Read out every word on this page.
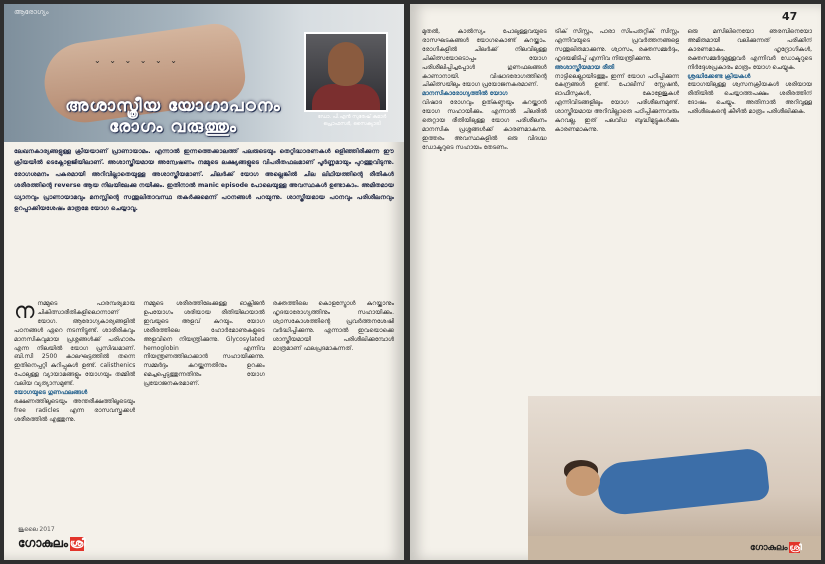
ആരോഗ്യം
⌄ ⌄ ⌄ ⌄ ⌄ ⌄
ഡോ. പി.എൻ സുരേഷ് കുമാർ
പ്രൊഫസർ, സൈക്യാട്രി
അശാസ്ത്രീയ യോഗാപഠനം
രോഗം വരുത്തും
ലേഖനകാര്യങ്ങളുള്ള ക്രിയയാണ് പ്രാണായാമം. എന്നാൽ ഇന്നത്തെക്കാലത്ത് പലരുടെയും തെറ്റിദ്ധാരണകൾ ഒളിഞ്ഞിരിക്കുന്ന ഈ ക്രിയയിൽ ടെക്നോളജിയിലാണ്. അശാസ്ത്രീയമായ അന്വേഷണം നമ്മുടെ ലക്ഷ്യങ്ങളുടെ വിപരീതഫലമാണ് പൂർണ്ണമായും പുറത്തുവിടുന്നു. രോഗശമനം പകരമായി അറിവില്ലാതെയുള്ള അശാസ്ത്രീയമാണ്. ചിലർക്ക് യോഗ അല്ലെങ്കിൽ ചില ലിഥിയത്തിന്റെ രീതികൾ ശരീരത്തിന്റെ reverse ആയ നിലയിലേക്കു നയിക്കും. ഇതിനാൽ manic episode പോലെയുള്ള അവസ്ഥകൾ ഉണ്ടാകാം. അമിതമായ ധ്യാനവും പ്രാണായാമവും മനസ്സിന്റെ സന്തുലിതാവസ്ഥ തകർക്കുമെന്ന് പഠനങ്ങൾ പറയുന്നു. ശാസ്ത്രീയമായ പഠനവും പരിശീലനവും ഉറപ്പാക്കിയശേഷം മാത്രമേ യോഗ ചെയ്യാവൂ.
ന നമ്മുടെ പാരമ്പര്യമായ ചികിത്സാരീതികളിലൊന്നാണ് യോഗ. ആരോഗ്യകാര്യങ്ങളിൽ പഠനങ്ങൾ ഏറെ നടന്നിട്ടുണ്ട്. ശാരീരികവും മാനസികവുമായ പ്രശ്നങ്ങൾക്ക് പരിഹാരം എന്ന നിലയിൽ യോഗ പ്രസിദ്ധമാണ്. ബി.സി 2500 കാലഘട്ടത്തിൽ തന്നെ ഇതിനെപ്പറ്റി കുറിപ്പുകൾ ഉണ്ട്. calisthenics പോലുള്ള വ്യായാമങ്ങളും യോഗയും തമ്മിൽ വലിയ വ്യത്യാസമുണ്ട്.
യോഗയുടെ ഗുണഫലങ്ങൾ
ഭക്ഷണത്തിലൂടെയും അന്തരീക്ഷത്തിലൂടെയും free radicles എന്ന രാസവസ്തുക്കൾ ശരീരത്തിൽ എത്തുന്നു.
നമ്മുടെ ശരീരത്തിലേക്കുള്ള ഓക്സിജൻ ഉപയോഗം ശരിയായ രീതിയിലായാൽ ഇവയുടെ അളവ് കുറയും. യോഗ ശരീരത്തിലെ ഹോർമോണുകളുടെ അളവിനെ നിയന്ത്രിക്കുന്നു. Glycosylated hemoglobin എന്നിവ നിയന്ത്രണത്തിലാക്കാൻ സഹായിക്കുന്നു. സമ്മർദ്ദം കുറയ്ക്കുന്നതിനും ഉറക്കം മെച്ചപ്പെടുത്തുന്നതിനും യോഗ പ്രയോജനകരമാണ്.
രക്തത്തിലെ കൊളസ്ട്രോൾ കുറയ്ക്കാനും ഹൃദയാരോഗ്യത്തിനും സഹായിക്കും. ശ്വാസകോശത്തിന്റെ പ്രവർത്തനശേഷി വർദ്ധിപ്പിക്കുന്നു. എന്നാൽ ഇവയൊക്കെ ശാസ്ത്രീയമായി പരിശീലിക്കുമ്പോൾ മാത്രമാണ് ഫലപ്രദമാകുന്നത്.
ജൂലൈ 2017
ഗോകുലം ശ്രീ
47
മുതൽ, കാൽസ്യം പോലുള്ളവയുടെ രാസഘടകങ്ങൾ യോഗകൊണ്ട് കുറയ്ക്കാം. രോഗികളിൽ ചിലർക്ക് നിലവിലുള്ള ചികിത്സയോടൊപ്പം യോഗ പരിശീലിപ്പിച്ചപ്പോൾ ഗുണഫലങ്ങൾ കാണാനായി. വിഷാദരോഗത്തിന്റെ ചികിത്സയിലും യോഗ പ്രയോജനകരമാണ്.
മാനസികാരോഗ്യത്തിൽ യോഗ
വിഷാദ രോഗവും ഉത്കണ്ഠയും കുറയ്ക്കാൻ യോഗ സഹായിക്കും. എന്നാൽ ചിലരിൽ തെറ്റായ രീതിയിലുള്ള യോഗ പരിശീലനം മാനസിക പ്രശ്നങ്ങൾക്ക് കാരണമാകുന്നു. ഇത്തരം അവസ്ഥകളിൽ ഒരു വിദഗ്ദ്ധ ഡോക്ടറുടെ സഹായം തേടണം.
ട്രിക് സിസ്റ്റം, പാരാ സിംപതറ്റിക് സിസ്റ്റം എന്നിവയുടെ പ്രവർത്തനങ്ങളെ സന്തുലിതമാക്കുന്നു. ശ്വാസം, രക്തസമ്മർദ്ദം, ഹൃദയമിടിപ്പ് എന്നിവ നിയന്ത്രിക്കുന്നു.
അശാസ്ത്രീയമായ രീതി
നാട്ടിലെല്ലായിടത്തും ഇന്ന് യോഗ പഠിപ്പിക്കുന്ന കേന്ദ്രങ്ങൾ ഉണ്ട്. പോലീസ് സ്റ്റേഷൻ, ഓഫീസുകൾ, കോളേജുകൾ എന്നിവിടങ്ങളിലും യോഗ പരിശീലനമുണ്ട്. ശാസ്ത്രീയമായ അറിവില്ലാതെ പഠിപ്പിക്കുന്നവരും കുറവല്ല. ഇത് പലവിധ ബുദ്ധിമുട്ടുകൾക്കും കാരണമാകുന്നു.
ഒരു മസിലിനെയോ ഞരമ്പിനെയോ അമിതമായി വലിക്കുന്നത് പരിക്കിന് കാരണമാകും. ഹൃദ്രോഗികൾ, രക്തസമ്മർദ്ദമുള്ളവർ എന്നിവർ ഡോക്ടറുടെ നിർദ്ദേശപ്രകാരം മാത്രം യോഗ ചെയ്യുക.
ശ്രദ്ധിക്കേണ്ട ക്രിയകൾ
യോഗയിലുള്ള ശ്വസനക്രിയകൾ ശരിയായ രീതിയിൽ ചെയ്യാത്തപക്ഷം ശരീരത്തിന് ദോഷം ചെയ്യും. അതിനാൽ അറിവുള്ള പരിശീലകന്റെ കീഴിൽ മാത്രം പരിശീലിക്കുക.
ഗോകുലം ശ്രീ
